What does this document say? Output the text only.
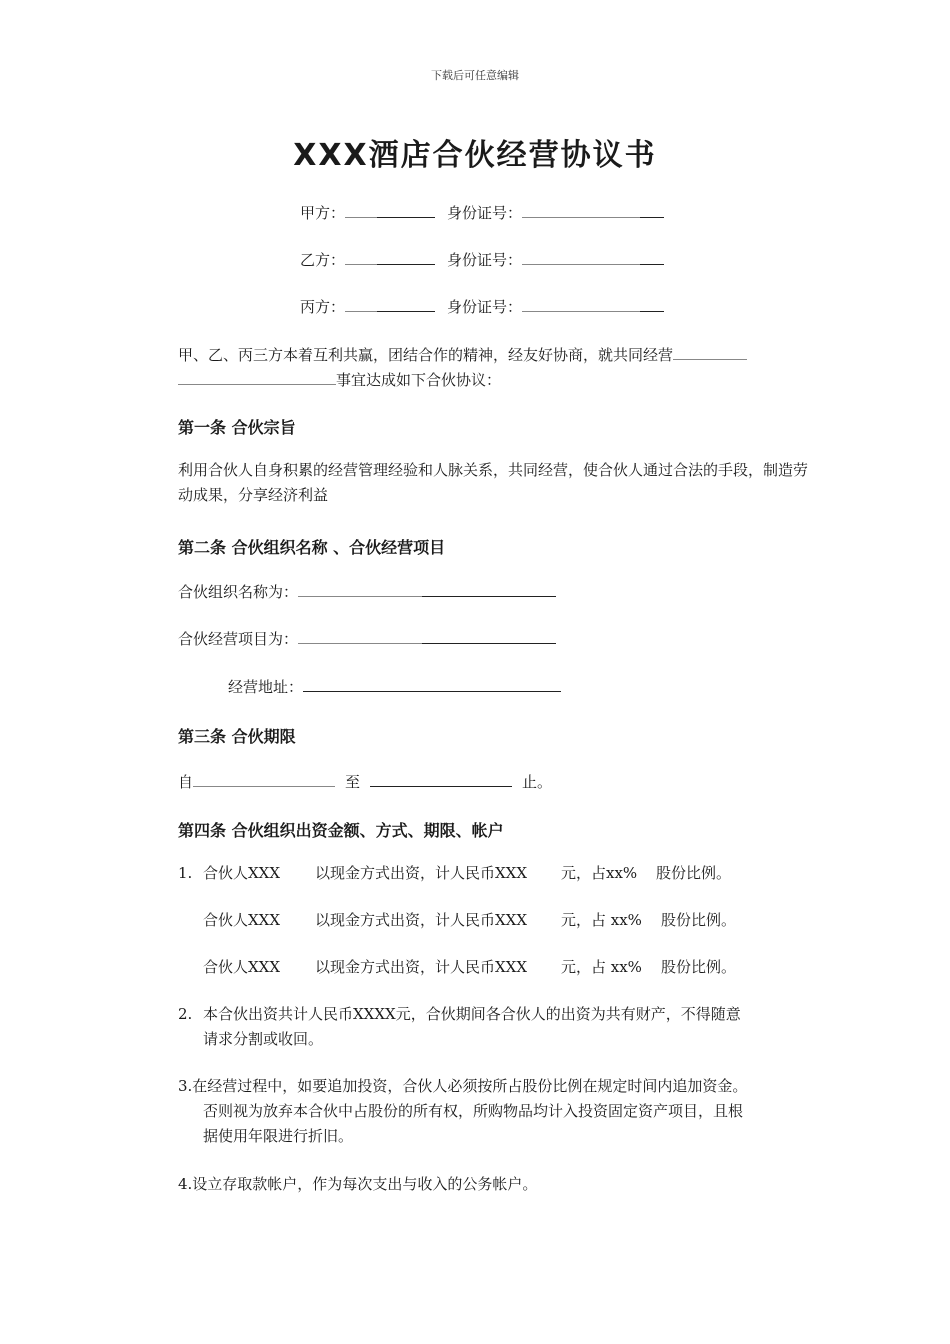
下载后可任意编辑
XXX酒店合伙经营协议书
甲方：	身份证号：
乙方：	身份证号：
丙方：	身份证号：
甲、乙、丙三方本着互利共赢，团结合作的精神，经友好协商，就共同经营
事宜达成如下合伙协议：
第一条 合伙宗旨
利用合伙人自身积累的经营管理经验和人脉关系，共同经营，使合伙人通过合法的手段，制造劳动成果，分享经济利益
第二条 合伙组织名称 、合伙经营项目
合伙组织名称为：
合伙经营项目为：
经营地址：
第三条 合伙期限
自	至	止。
第四条 合伙组织出资金额、方式、期限、帐户
1. 合伙人XXX 以现金方式出资，计人民币XXX 元，占xx% 股份比例。
合伙人XXX 以现金方式出资，计人民币XXX 元，占 xx% 股份比例。
合伙人XXX 以现金方式出资，计人民币XXX 元，占 xx% 股份比例。
2. 本合伙出资共计人民币XXXX元，合伙期间各合伙人的出资为共有财产，不得随意
请求分割或收回。
3.在经营过程中，如要追加投资，合伙人必须按所占股份比例在规定时间内追加资金。
否则视为放弃本合伙中占股份的所有权，所购物品均计入投资固定资产项目，且根
据使用年限进行折旧。
4.设立存取款帐户，作为每次支出与收入的公务帐户。
